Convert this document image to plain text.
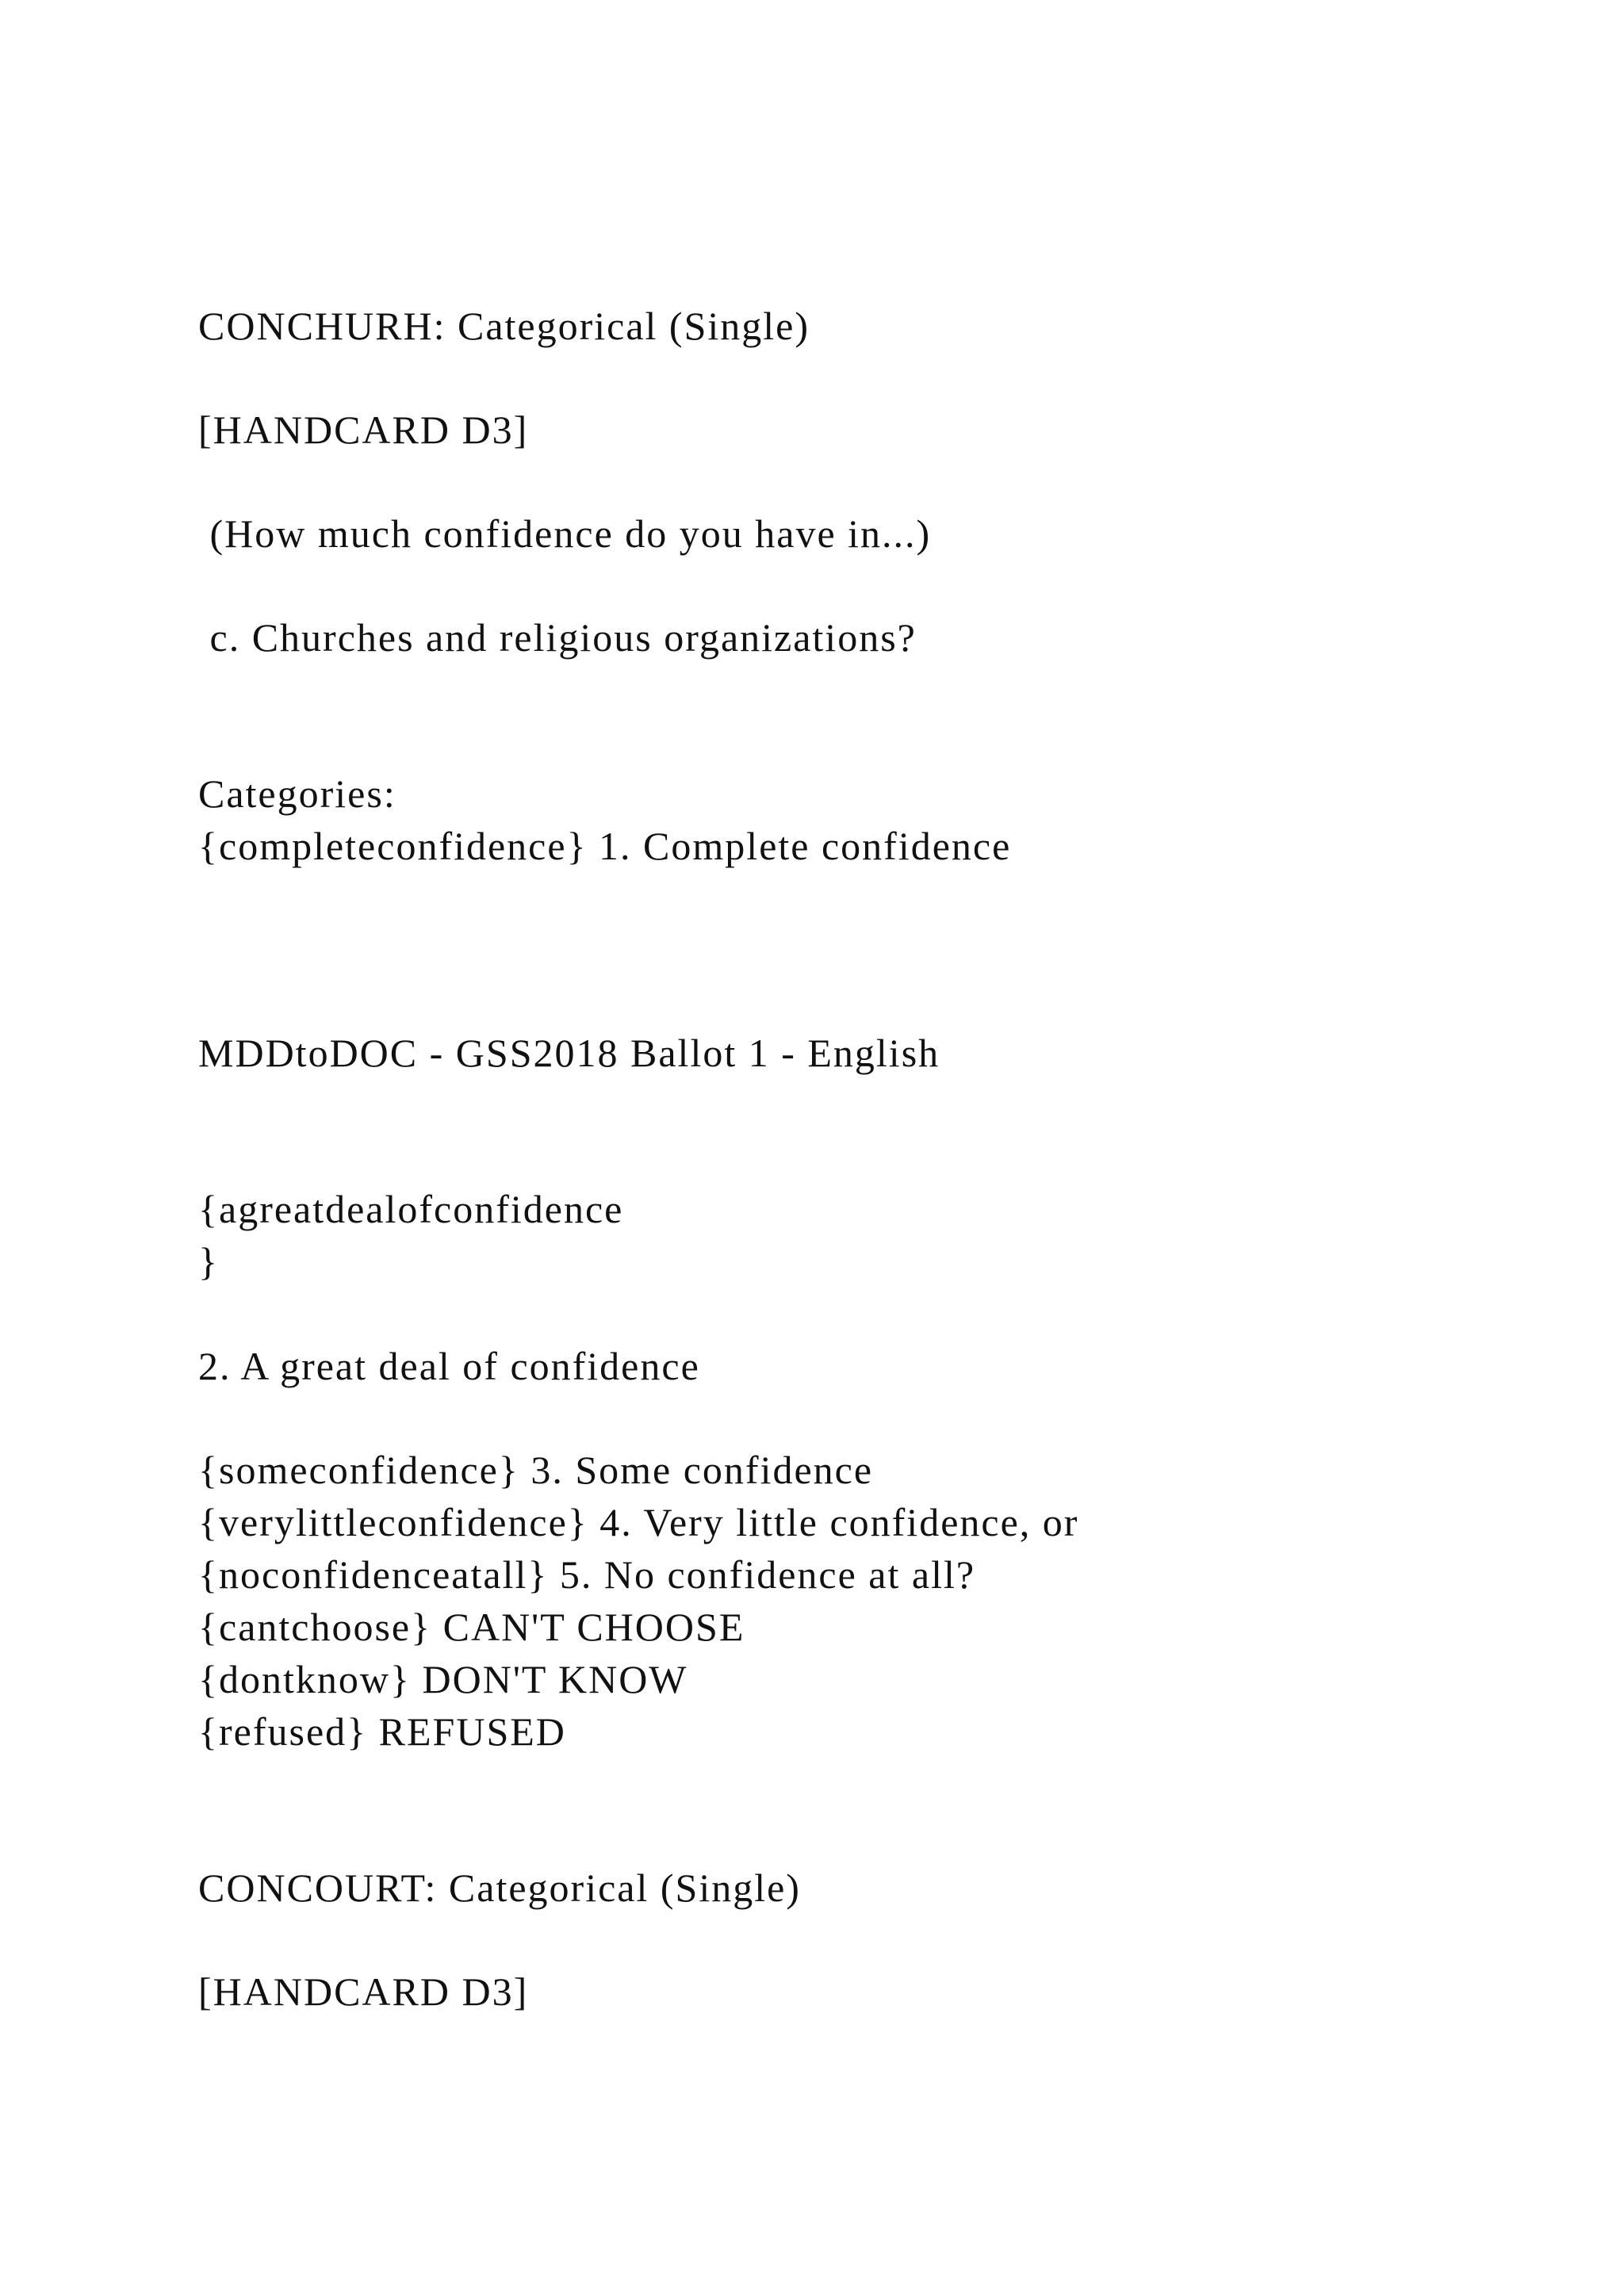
CONCHURH: Categorical (Single)
[HANDCARD D3]
(How much confidence do you have in...)
c. Churches and religious organizations?
Categories:
{completeconfidence} 1. Complete confidence
MDDtoDOC - GSS2018 Ballot 1 - English
{agreatdealofconfidence
}
2. A great deal of confidence
{someconfidence} 3. Some confidence
{verylittleconfidence} 4. Very little confidence, or
{noconfidenceatall} 5. No confidence at all?
{cantchoose} CAN'T CHOOSE
{dontknow} DON'T KNOW
{refused} REFUSED
CONCOURT: Categorical (Single)
[HANDCARD D3]
